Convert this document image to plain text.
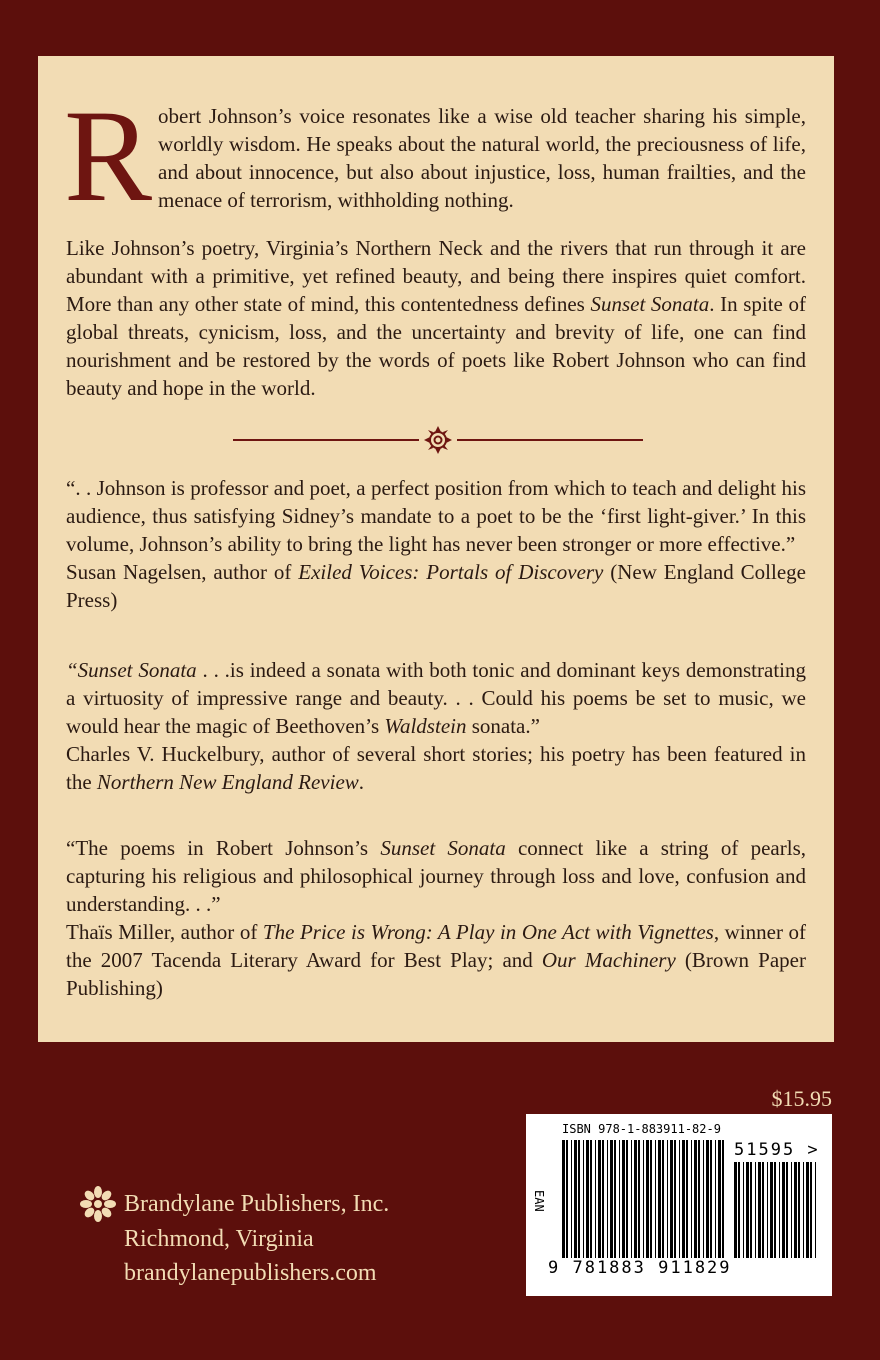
Robert Johnson’s voice resonates like a wise old teacher sharing his simple, worldly wisdom. He speaks about the natural world, the preciousness of life, and about innocence, but also about injustice, loss, human frailties, and the menace of terrorism, withholding nothing.
Like Johnson’s poetry, Virginia’s Northern Neck and the rivers that run through it are abundant with a primitive, yet refined beauty, and being there inspires quiet comfort. More than any other state of mind, this contentedness defines Sunset Sonata. In spite of global threats, cynicism, loss, and the uncertainty and brevity of life, one can find nourishment and be restored by the words of poets like Robert Johnson who can find beauty and hope in the world.
“. . Johnson is professor and poet, a perfect position from which to teach and delight his audience, thus satisfying Sidney’s mandate to a poet to be the ‘first light-giver.’ In this volume, Johnson’s ability to bring the light has never been stronger or more effective.”
Susan Nagelsen, author of Exiled Voices: Portals of Discovery (New England College Press)
“Sunset Sonata . . .is indeed a sonata with both tonic and dominant keys demonstrating a virtuosity of impressive range and beauty. . . Could his poems be set to music, we would hear the magic of Beethoven’s Waldstein sonata.”
Charles V. Huckelbury, author of several short stories; his poetry has been featured in the Northern New England Review.
“The poems in Robert Johnson’s Sunset Sonata connect like a string of pearls, capturing his religious and philosophical journey through loss and love, confusion and understanding. . .”
Thaïs Miller, author of The Price is Wrong: A Play in One Act with Vignettes, winner of the 2007 Tacenda Literary Award for Best Play; and Our Machinery (Brown Paper Publishing)
$15.95
ISBN 978-1-883911-82-9
EAN
51595 >
9 781883 911829
Brandylane Publishers, Inc.
Richmond, Virginia
brandylanepublishers.com
